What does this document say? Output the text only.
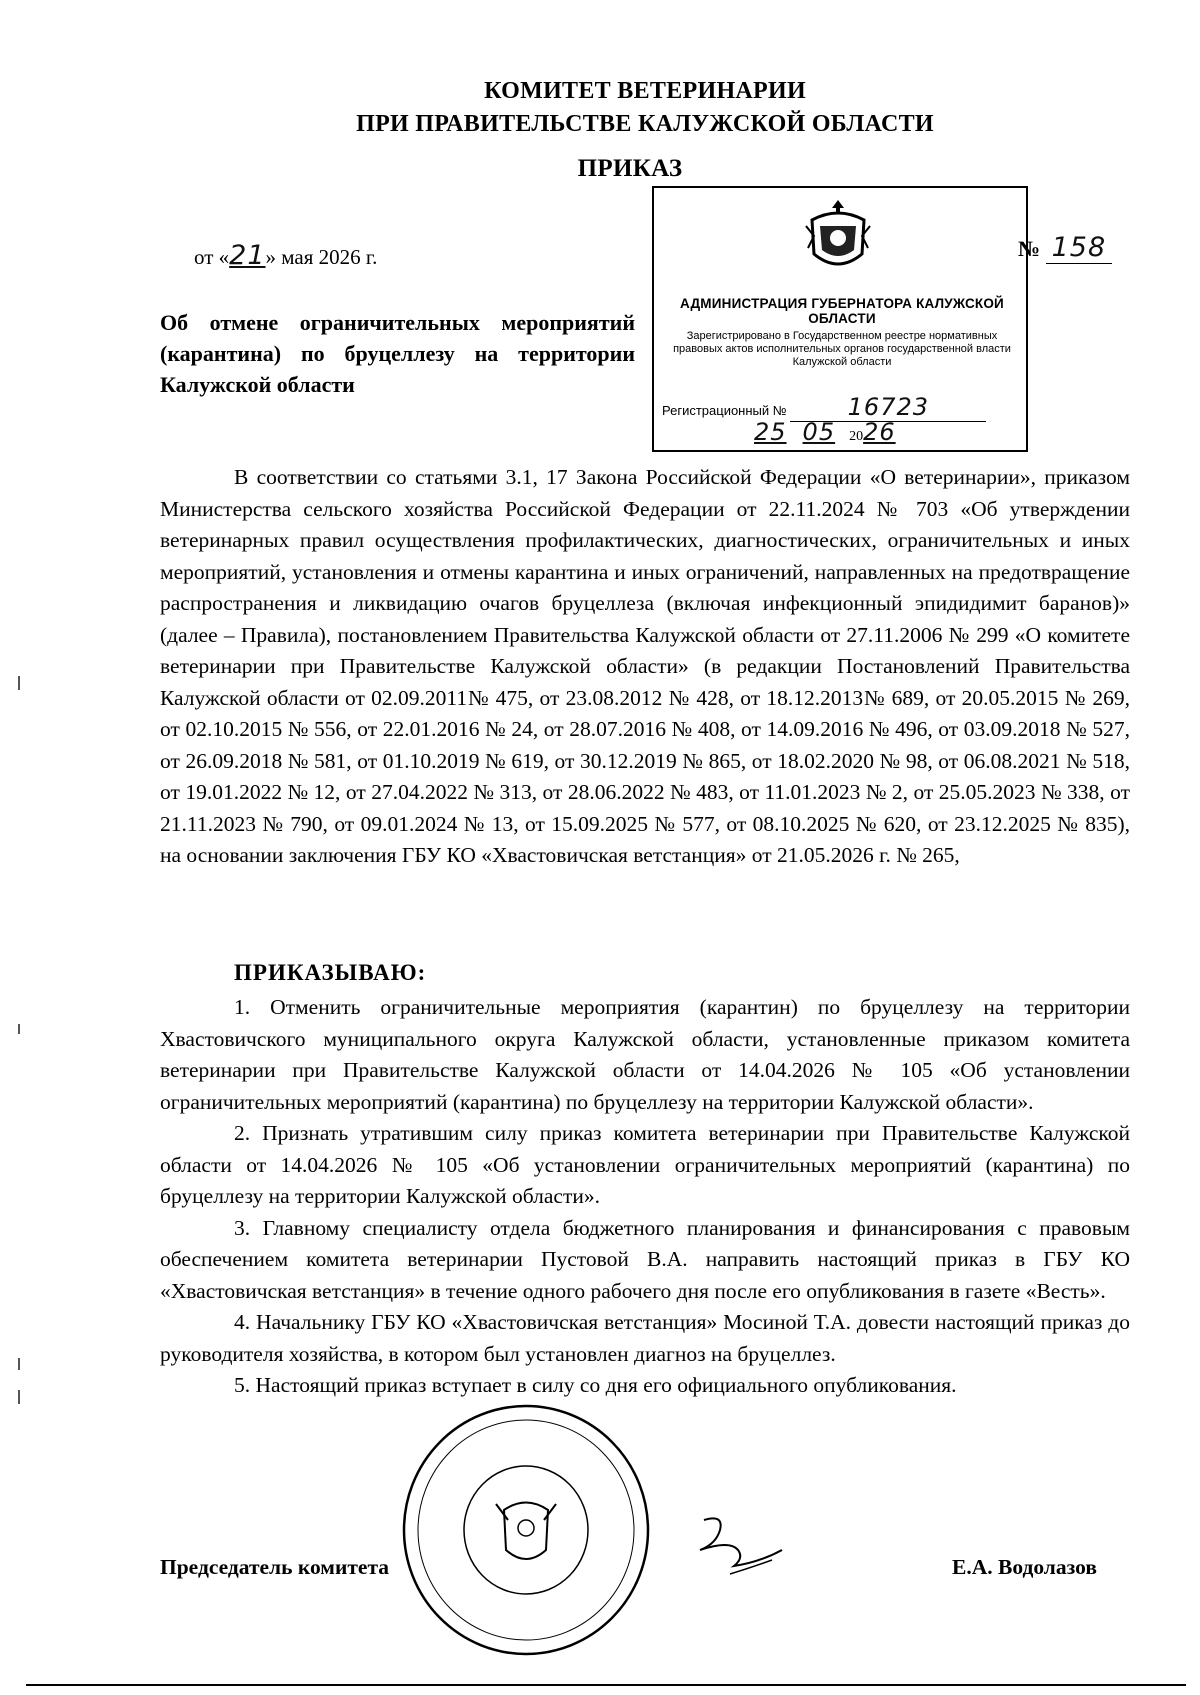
КОМИТЕТ ВЕТЕРИНАРИИ
ПРИ ПРАВИТЕЛЬСТВЕ КАЛУЖСКОЙ ОБЛАСТИ
ПРИКАЗ
от «21» мая 2026 г.	№ 158
Об отмене ограничительных мероприятий (карантина) по бруцеллезу на территории Калужской области
АДМИНИСТРАЦИЯ ГУБЕРНАТОРА КАЛУЖСКОЙ ОБЛАСТИ
Зарегистрировано в Государственном реестре нормативных правовых актов исполнительных органов государственной власти Калужской области
Регистрационный №	16723
25 05 2026
В соответствии со статьями 3.1, 17 Закона Российской Федерации «О ветеринарии», приказом Министерства сельского хозяйства Российской Федерации от 22.11.2024 № 703 «Об утверждении ветеринарных правил осуществления профилактических, диагностических, ограничительных и иных мероприятий, установления и отмены карантина и иных ограничений, направленных на предотвращение распространения и ликвидацию очагов бруцеллеза (включая инфекционный эпидидимит баранов)» (далее – Правила), постановлением Правительства Калужской области от 27.11.2006 № 299 «О комитете ветеринарии при Правительстве Калужской области» (в редакции Постановлений Правительства Калужской области от 02.09.2011№ 475, от 23.08.2012 № 428, от 18.12.2013№ 689, от 20.05.2015 № 269, от 02.10.2015 № 556, от 22.01.2016 № 24, от 28.07.2016 № 408, от 14.09.2016 № 496, от 03.09.2018 № 527, от 26.09.2018 № 581, от 01.10.2019 № 619, от 30.12.2019 № 865, от 18.02.2020 № 98, от 06.08.2021 № 518, от 19.01.2022 № 12, от 27.04.2022 № 313, от 28.06.2022 № 483, от 11.01.2023 № 2, от 25.05.2023 № 338, от 21.11.2023 № 790, от 09.01.2024 № 13, от 15.09.2025 № 577, от 08.10.2025 № 620, от 23.12.2025 № 835), на основании заключения ГБУ КО «Хвастовичская ветстанция» от 21.05.2026 г. № 265,
ПРИКАЗЫВАЮ:

1. Отменить ограничительные мероприятия (карантин) по бруцеллезу на территории Хвастовичского муниципального округа Калужской области, установленные приказом комитета ветеринарии при Правительстве Калужской области от 14.04.2026 № 105 «Об установлении ограничительных мероприятий (карантина) по бруцеллезу на территории Калужской области».

2. Признать утратившим силу приказ комитета ветеринарии при Правительстве Калужской области от 14.04.2026 № 105 «Об установлении ограничительных мероприятий (карантина) по бруцеллезу на территории Калужской области».

3. Главному специалисту отдела бюджетного планирования и финансирования с правовым обеспечением комитета ветеринарии Пустовой В.А. направить настоящий приказ в ГБУ КО «Хвастовичская ветстанция» в течение одного рабочего дня после его опубликования в газете «Весть».

4. Начальнику ГБУ КО «Хвастовичская ветстанция» Мосиной Т.А. довести настоящий приказ до руководителя хозяйства, в котором был установлен диагноз на бруцеллез.

5. Настоящий приказ вступает в силу со дня его официального опубликования.

Председатель комитета	Е.А. Водолазов
